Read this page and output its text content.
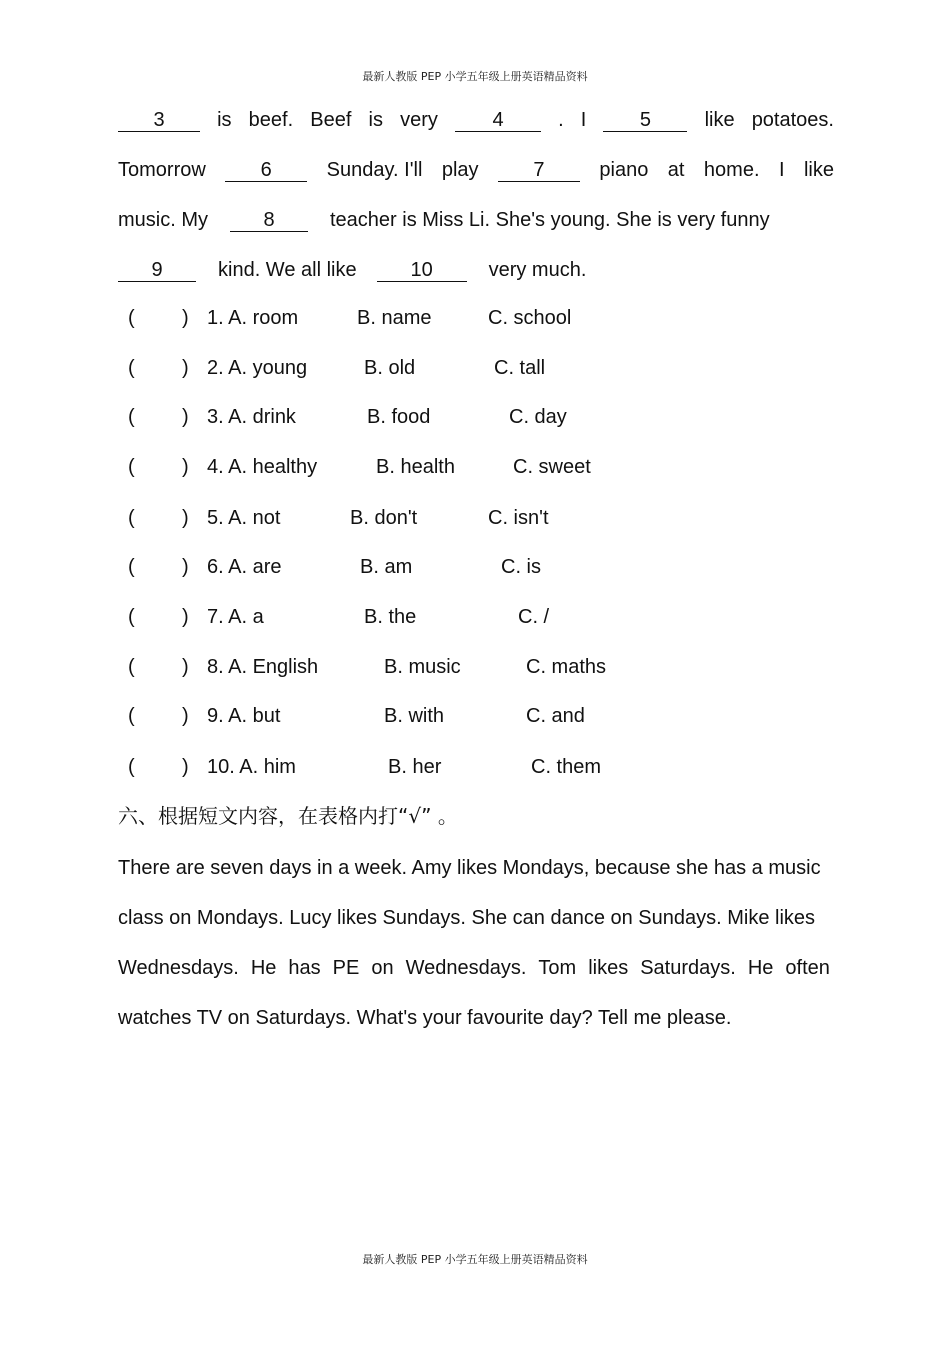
最新人教版 PEP 小学五年级上册英语精品资料
3	is beef. Beef is very	4	. I	5	like potatoes.
Tomorrow	6	Sunday. I'll play	7	piano at home. I like
music. My	8	teacher is Miss Li. She's young. She is very funny
9	kind. We all like	10	very much.
( ) 1. A. room	B. name	C. school
( ) 2. A. young	B. old	C. tall
( ) 3. A. drink	B. food	C. day
( ) 4. A. healthy	B. health	C. sweet
( ) 5. A. not	B. don't	C. isn't
( ) 6. A. are	B. am	C. is
( ) 7. A. a	B. the	C. /
( ) 8. A. English	B. music	C. maths
( ) 9. A. but	B. with	C. and
( ) 10. A. him	B. her	C. them
六、根据短文内容，在表格内打“√” 。
There are seven days in a week. Amy likes Mondays, because she has a music
class on Mondays. Lucy likes Sundays. She can dance on Sundays. Mike likes
Wednesdays. He has PE on Wednesdays. Tom likes Saturdays. He often
watches TV on Saturdays. What's your favourite day? Tell me please.
最新人教版 PEP 小学五年级上册英语精品资料
